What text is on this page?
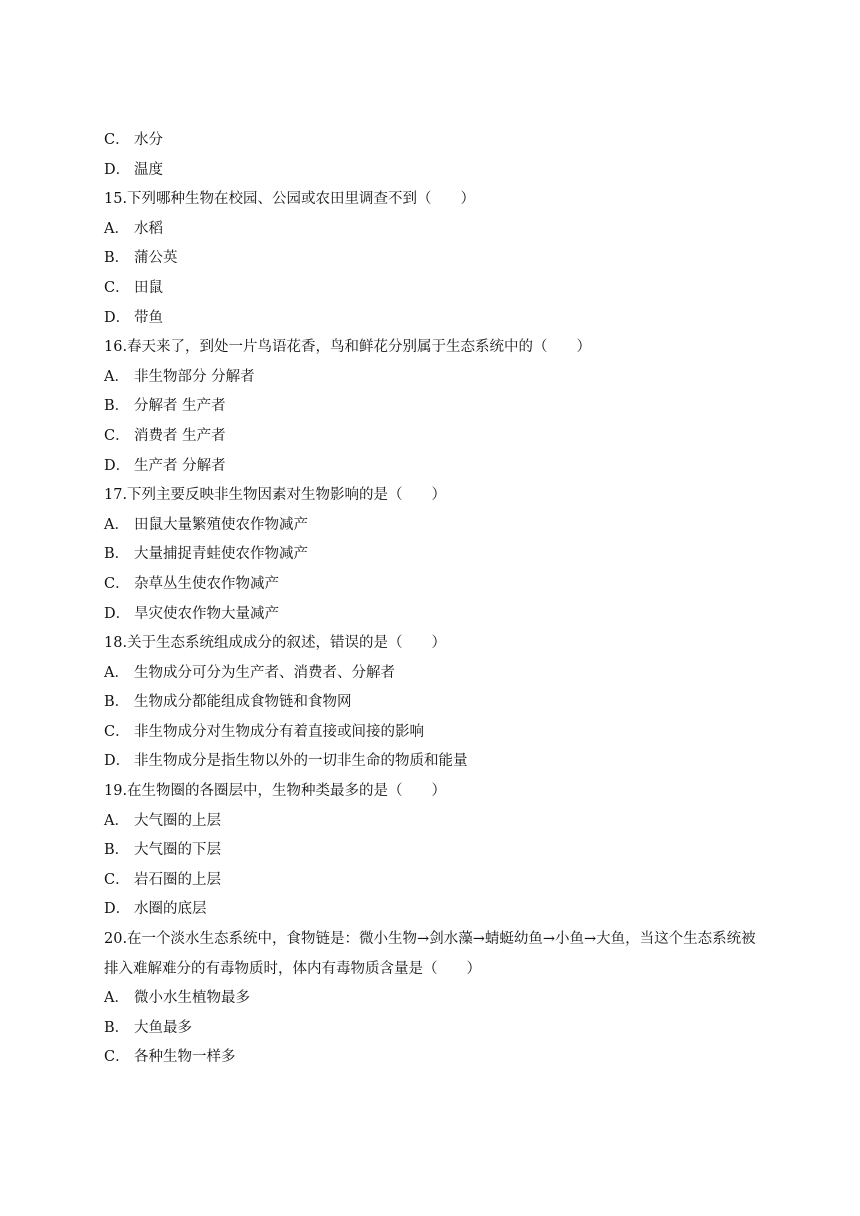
C． 水分
D． 温度
15.下列哪种生物在校园、公园或农田里调查不到（　　）
A． 水稻
B． 蒲公英
C． 田鼠
D． 带鱼
16.春天来了，到处一片鸟语花香，鸟和鲜花分别属于生态系统中的（　　）
A． 非生物部分 分解者
B． 分解者 生产者
C． 消费者 生产者
D． 生产者 分解者
17.下列主要反映非生物因素对生物影响的是（　　）
A． 田鼠大量繁殖使农作物减产
B． 大量捕捉青蛙使农作物减产
C． 杂草丛生使农作物减产
D． 旱灾使农作物大量减产
18.关于生态系统组成成分的叙述，错误的是（　　）
A． 生物成分可分为生产者、消费者、分解者
B． 生物成分都能组成食物链和食物网
C． 非生物成分对生物成分有着直接或间接的影响
D． 非生物成分是指生物以外的一切非生命的物质和能量
19.在生物圈的各圈层中，生物种类最多的是（　　）
A． 大气圈的上层
B． 大气圈的下层
C． 岩石圈的上层
D． 水圈的底层
20.在一个淡水生态系统中，食物链是：微小生物→剑水藻→蜻蜓幼鱼→小鱼→大鱼，当这个生态系统被排入难解难分的有毒物质时，体内有毒物质含量是（　　）
A． 微小水生植物最多
B． 大鱼最多
C． 各种生物一样多
